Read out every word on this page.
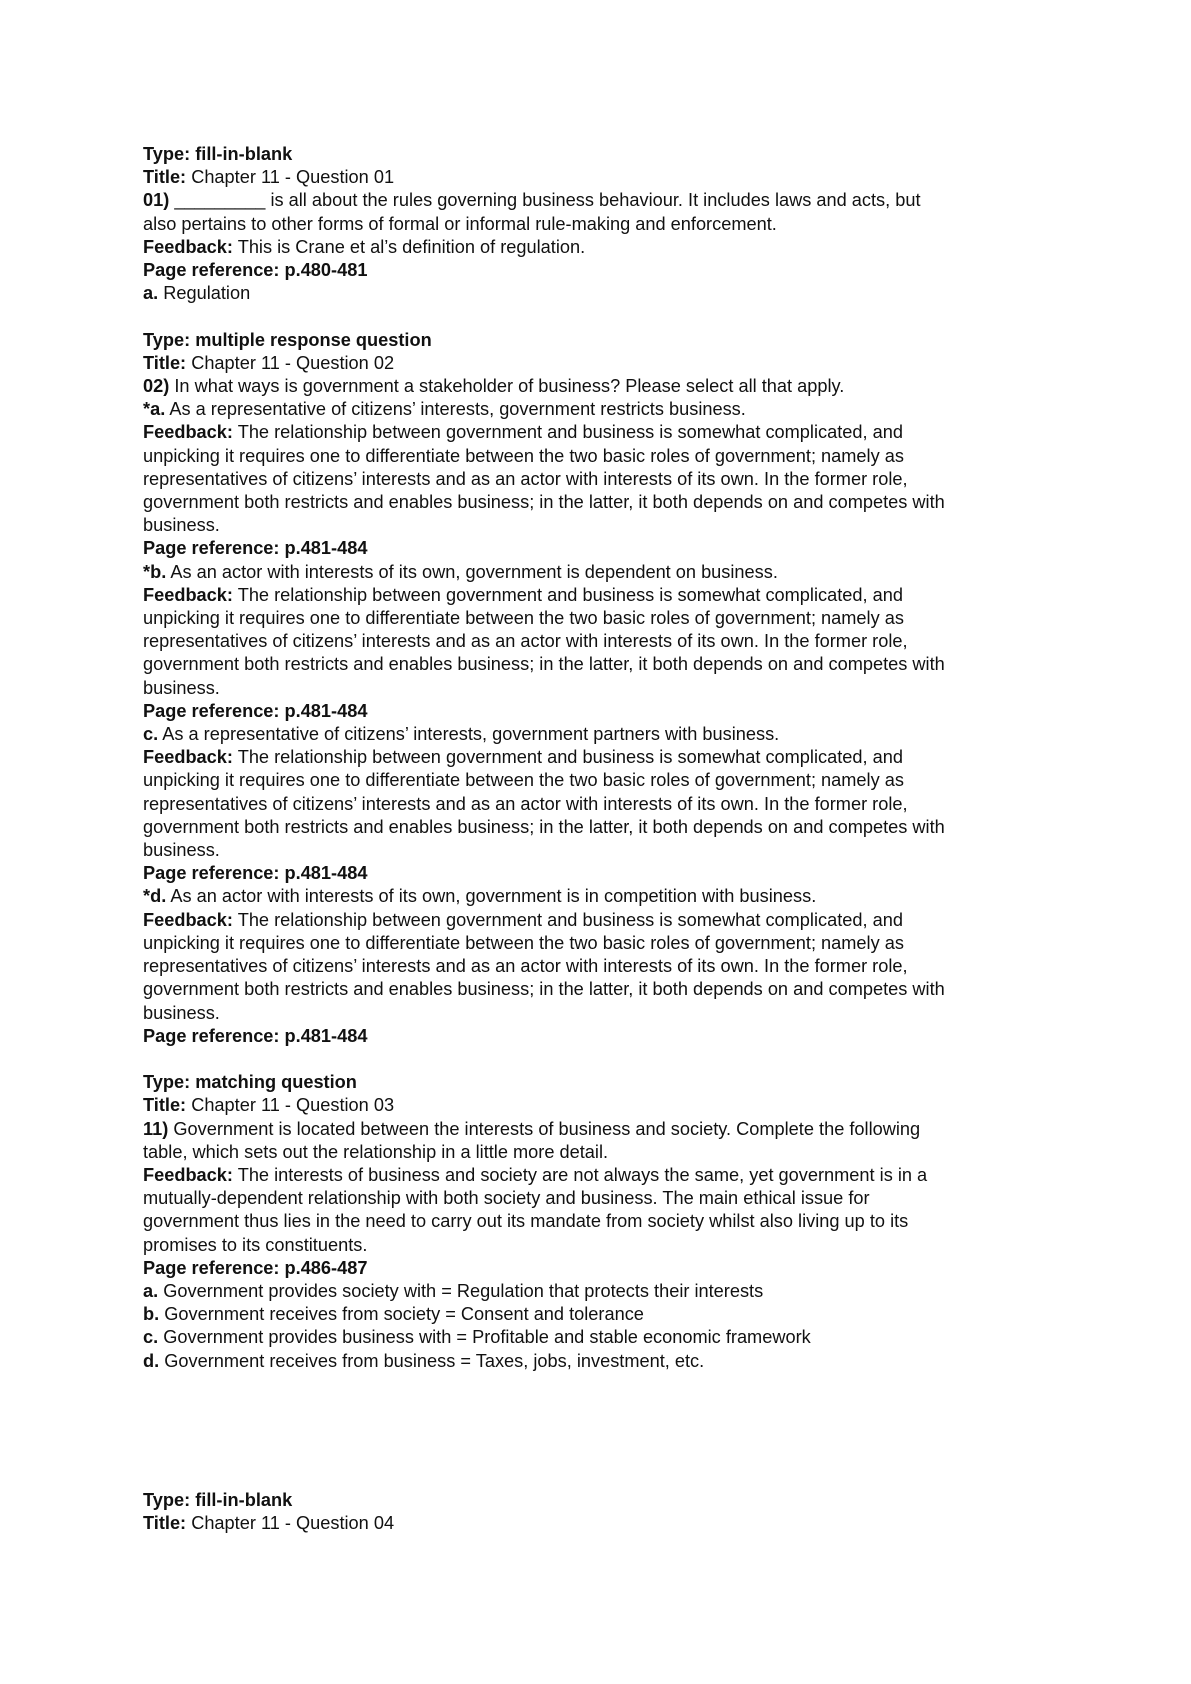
Type: fill-in-blank

Title: Chapter 11 - Question 01

01) _________ is all about the rules governing business behaviour. It includes laws and acts, but

also pertains to other forms of formal or informal rule-making and enforcement.

Feedback: This is Crane et al’s definition of regulation.

Page reference: p.480-481

a. Regulation

Type: multiple response question

Title: Chapter 11 - Question 02

02) In what ways is government a stakeholder of business? Please select all that apply.

*a. As a representative of citizens’ interests, government restricts business.

Feedback: The relationship between government and business is somewhat complicated, and

unpicking it requires one to differentiate between the two basic roles of government; namely as

representatives of citizens’ interests and as an actor with interests of its own. In the former role,

government both restricts and enables business; in the latter, it both depends on and competes with

business.

Page reference: p.481-484

*b. As an actor with interests of its own, government is dependent on business.

Feedback: The relationship between government and business is somewhat complicated, and

unpicking it requires one to differentiate between the two basic roles of government; namely as

representatives of citizens’ interests and as an actor with interests of its own. In the former role,

government both restricts and enables business; in the latter, it both depends on and competes with

business.

Page reference: p.481-484

c. As a representative of citizens’ interests, government partners with business.

Feedback: The relationship between government and business is somewhat complicated, and

unpicking it requires one to differentiate between the two basic roles of government; namely as

representatives of citizens’ interests and as an actor with interests of its own. In the former role,

government both restricts and enables business; in the latter, it both depends on and competes with

business.

Page reference: p.481-484

*d. As an actor with interests of its own, government is in competition with business.

Feedback: The relationship between government and business is somewhat complicated, and

unpicking it requires one to differentiate between the two basic roles of government; namely as

representatives of citizens’ interests and as an actor with interests of its own. In the former role,

government both restricts and enables business; in the latter, it both depends on and competes with

business.

Page reference: p.481-484

Type: matching question

Title: Chapter 11 - Question 03

11) Government is located between the interests of business and society. Complete the following

table, which sets out the relationship in a little more detail.

Feedback: The interests of business and society are not always the same, yet government is in a

mutually-dependent relationship with both society and business. The main ethical issue for

government thus lies in the need to carry out its mandate from society whilst also living up to its

promises to its constituents.

Page reference: p.486-487

a. Government provides society with = Regulation that protects their interests

b. Government receives from society = Consent and tolerance

c. Government provides business with = Profitable and stable economic framework

d. Government receives from business = Taxes, jobs, investment, etc.

Type: fill-in-blank

Title: Chapter 11 - Question 04
